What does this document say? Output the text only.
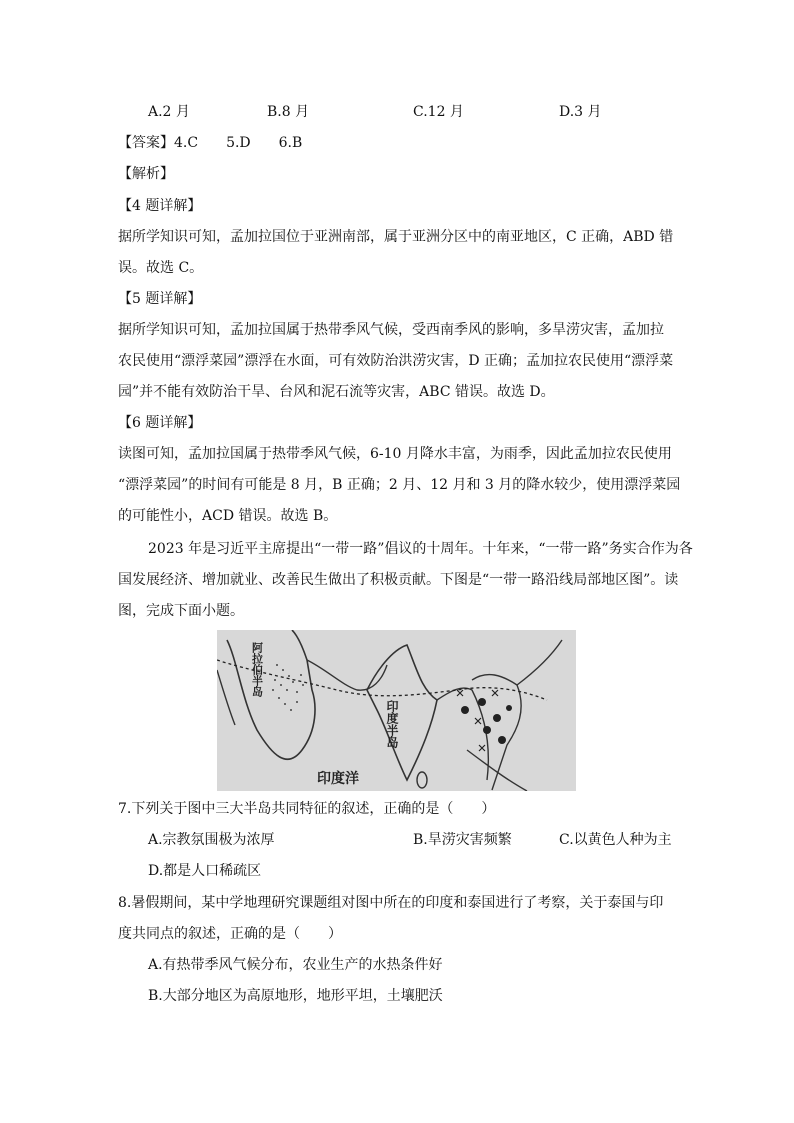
A.2 月	B.8 月	C.12 月	D.3 月
【答案】4.C　　5.D　　6.B
【解析】
【4 题详解】
据所学知识可知，孟加拉国位于亚洲南部，属于亚洲分区中的南亚地区，C 正确，ABD 错
误。故选 C。
【5 题详解】
据所学知识可知，孟加拉国属于热带季风气候，受西南季风的影响，多旱涝灾害，孟加拉
农民使用“漂浮菜园”漂浮在水面，可有效防治洪涝灾害，D 正确；孟加拉农民使用“漂浮菜
园”并不能有效防治干旱、台风和泥石流等灾害，ABC 错误。故选 D。
【6 题详解】
读图可知，孟加拉国属于热带季风气候，6-10 月降水丰富，为雨季，因此孟加拉农民使用
“漂浮菜园”的时间有可能是 8 月，B 正确；2 月、12 月和 3 月的降水较少，使用漂浮菜园
的可能性小，ACD 错误。故选 B。
2023 年是习近平主席提出“一带一路”倡议的十周年。十年来，“一带一路”务实合作为各
国发展经济、增加就业、改善民生做出了积极贡献。下图是“一带一路沿线局部地区图”。读
图，完成下面小题。
阿拉伯半岛
印度半岛
印度洋
7.下列关于图中三大半岛共同特征的叙述，正确的是（　　）
A.宗教氛围极为浓厚	B.旱涝灾害频繁	C.以黄色人种为主
D.都是人口稀疏区
8.暑假期间，某中学地理研究课题组对图中所在的印度和泰国进行了考察，关于泰国与印
度共同点的叙述，正确的是（　　）
A.有热带季风气候分布，农业生产的水热条件好
B.大部分地区为高原地形，地形平坦，土壤肥沃
